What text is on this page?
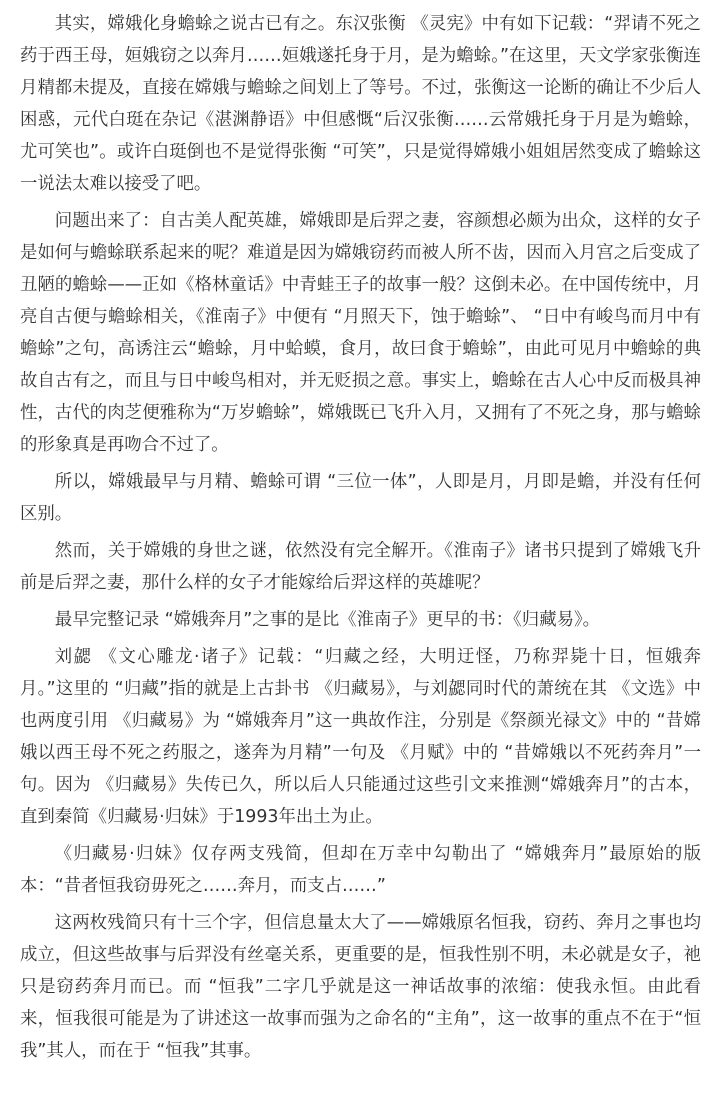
其实，嫦娥化身蟾蜍之说古已有之。东汉张衡 《灵宪》中有如下记载：“羿请不死之药于西王母，姮娥窃之以奔月……姮娥遂托身于月，是为蟾蜍。”在这里，天文学家张衡连月精都未提及，直接在嫦娥与蟾蜍之间划上了等号。不过，张衡这一论断的确让不少后人困惑，元代白珽在杂记《湛渊静语》中但感慨“后汉张衡……云常娥托身于月是为蟾蜍，尤可笑也”。或许白珽倒也不是觉得张衡 “可笑”，只是觉得嫦娥小姐姐居然变成了蟾蜍这一说法太难以接受了吧。

问题出来了：自古美人配英雄，嫦娥即是后羿之妻，容颜想必颇为出众，这样的女子是如何与蟾蜍联系起来的呢？难道是因为嫦娥窃药而被人所不齿，因而入月宫之后变成了丑陋的蟾蜍——正如《格林童话》中青蛙王子的故事一般？这倒未必。在中国传统中，月亮自古便与蟾蜍相关，《淮南子》中便有 “月照天下，蚀于蟾蜍”、 “日中有峻鸟而月中有蟾蜍”之句，高诱注云“蟾蜍，月中蛤蟆，食月，故曰食于蟾蜍”，由此可见月中蟾蜍的典故自古有之，而且与日中峻鸟相对，并无贬损之意。事实上，蟾蜍在古人心中反而极具神性，古代的肉芝便雅称为“万岁蟾蜍”，嫦娥既已飞升入月，又拥有了不死之身，那与蟾蜍的形象真是再吻合不过了。

所以，嫦娥最早与月精、蟾蜍可谓 “三位一体”，人即是月，月即是蟾，并没有任何区别。

然而，关于嫦娥的身世之谜，依然没有完全解开。《淮南子》诸书只提到了嫦娥飞升前是后羿之妻，那什么样的女子才能嫁给后羿这样的英雄呢？

最早完整记录 “嫦娥奔月”之事的是比《淮南子》更早的书：《归藏易》。

刘勰 《文心雕龙·诸子》记载：“归藏之经，大明迂怪，乃称羿毙十日，恒娥奔月。”这里的 “归藏”指的就是上古卦书 《归藏易》，与刘勰同时代的萧统在其 《文选》中也两度引用 《归藏易》为 “嫦娥奔月”这一典故作注，分别是《祭颜光禄文》中的 “昔嫦娥以西王母不死之药服之，遂奔为月精”一句及 《月赋》中的 “昔嫦娥以不死药奔月”一句。因为 《归藏易》失传已久，所以后人只能通过这些引文来推测“嫦娥奔月”的古本，直到秦简《归藏易·归妹》于1993年出土为止。

《归藏易·归妹》仅存两支残简，但却在万幸中勾勒出了 “嫦娥奔月”最原始的版本：“昔者恒我窃毋死之……奔月，而支占……”

这两枚残简只有十三个字，但信息量太大了——嫦娥原名恒我，窃药、奔月之事也均成立，但这些故事与后羿没有丝毫关系，更重要的是，恒我性别不明，未必就是女子，祂只是窃药奔月而已。而 “恒我”二字几乎就是这一神话故事的浓缩：使我永恒。由此看来，恒我很可能是为了讲述这一故事而强为之命名的“主角”，这一故事的重点不在于“恒我”其人，而在于 “恒我”其事。
